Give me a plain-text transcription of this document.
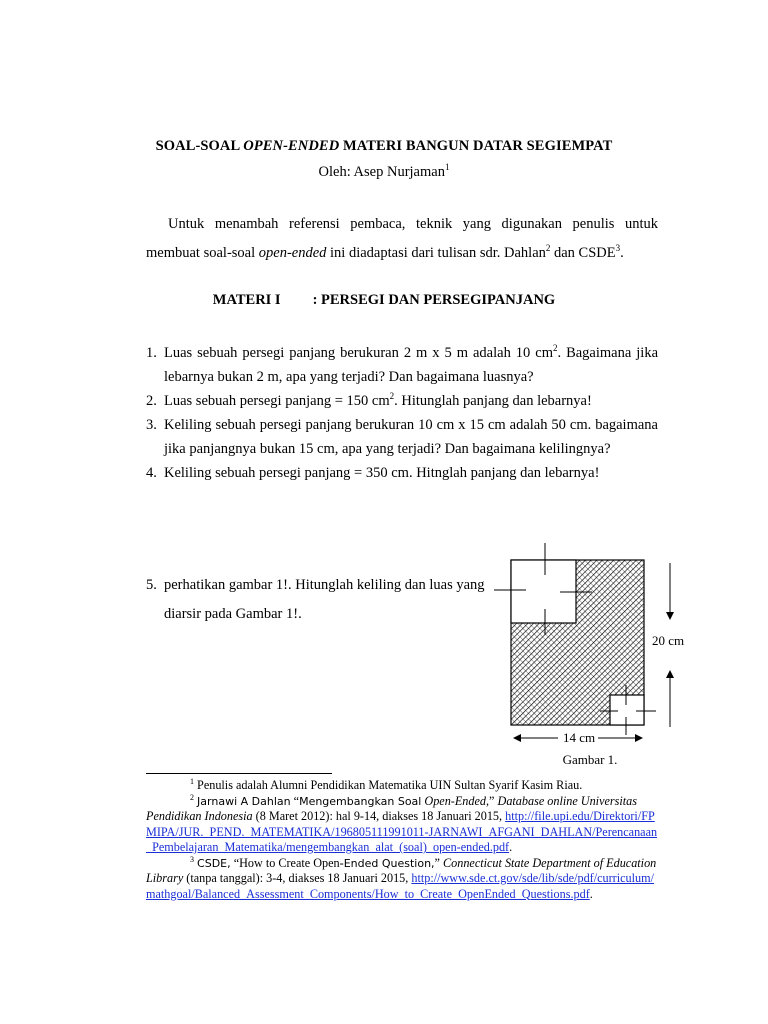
SOAL-SOAL OPEN-ENDED MATERI BANGUN DATAR SEGIEMPAT
Oleh: Asep Nurjaman$^1$
Untuk menambah referensi pembaca, teknik yang digunakan penulis untuk membuat soal-soal open-ended ini diadaptasi dari tulisan sdr. Dahlan$^2$ dan CSDE$^3$.
MATERI I : PERSEGI DAN PERSEGIPANJANG
1. Luas sebuah persegi panjang berukuran 2 m x 5 m adalah 10 $cm^2$. Bagaimana jika lebarnya bukan 2 m, apa yang terjadi? Dan bagaimana luasnya?

2. Luas sebuah persegi panjang = 150 $cm^2$. Hitunglah panjang dan lebarnya!

3. Keliling sebuah persegi panjang berukuran 10 cm x 15 cm adalah 50 cm. bagaimana jika panjangnya bukan 15 cm, apa yang terjadi? Dan bagaimana kelilingnya?

4. Keliling sebuah persegi panjang = 350 cm. Hitnglah panjang dan lebarnya!

5. perhatikan gambar 1!. Hitunglah keliling dan luas yang diarsir pada Gambar 1!.
20 cm
14 cm
Gambar 1.

$^1$ Penulis adalah Alumni Pendidikan Matematika UIN Sultan Syarif Kasim Riau.

$^2$ Jarnawi A Dahlan “Mengembangkan Soal Open-Ended,” Database online Universitas Pendidikan Indonesia (8 Maret 2012): hal 9-14, diakses 18 Januari 2015, http://file.upi.edu/Direktori/FPMIPA/JUR._PEND._MATEMATIKA/196805111991011-JARNAWI_AFGANI_DAHLAN/Perencanaan_Pembelajaran_Matematika/mengembangkan_alat_(soal)_open-ended.pdf.

$^3$ CSDE, “How to Create Open-Ended Question,” Connecticut State Department of Education Library (tanpa tanggal): 3-4, diakses 18 Januari 2015, http://www.sde.ct.gov/sde/lib/sde/pdf/curriculum/mathgoal/Balanced_Assessment_Components/How_to_Create_OpenEnded_Questions.pdf.
